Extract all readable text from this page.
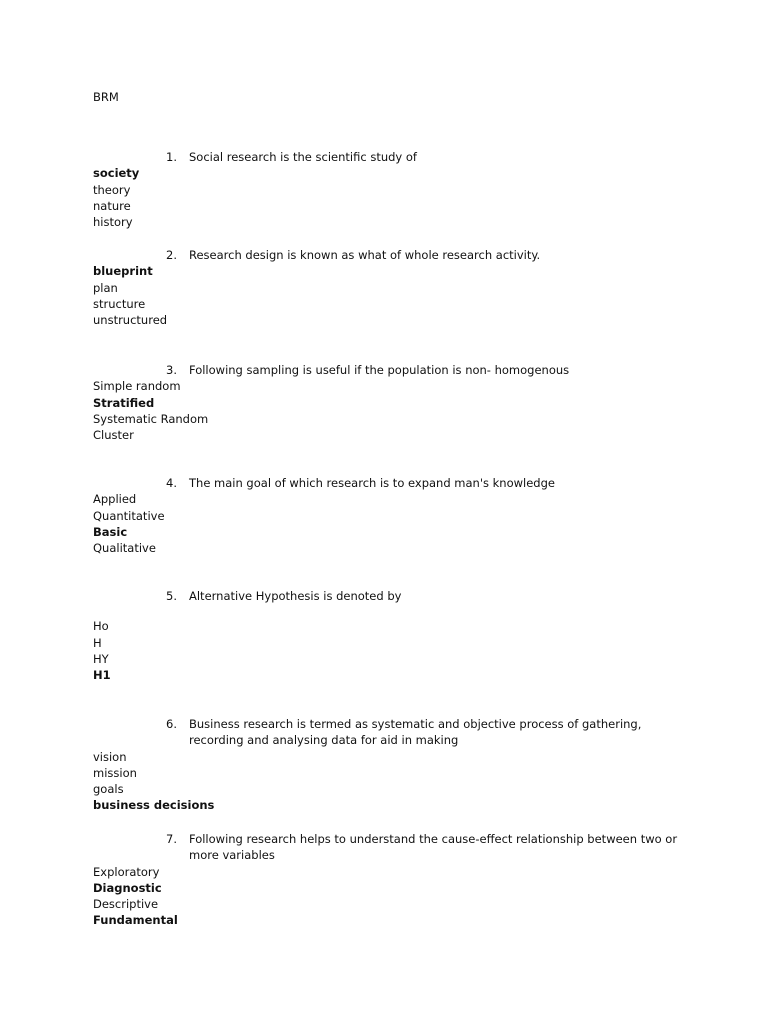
BRM
1. Social research is the scientific study of
society
theory
nature
history
2. Research design is known as what of whole research activity.
blueprint
plan
structure
unstructured
3. Following sampling is useful if the population is non- homogenous
Simple random
Stratified
Systematic Random
Cluster
4. The main goal of which research is to expand man's knowledge
Applied
Quantitative
Basic
Qualitative
5. Alternative Hypothesis is denoted by
Ho
H
HY
H1
6. Business research is termed as systematic and objective process of gathering, recording and analysing data for aid in making
vision
mission
goals
business decisions
7. Following research helps to understand the cause-effect relationship between two or more variables
Exploratory
Diagnostic
Descriptive
Fundamental
